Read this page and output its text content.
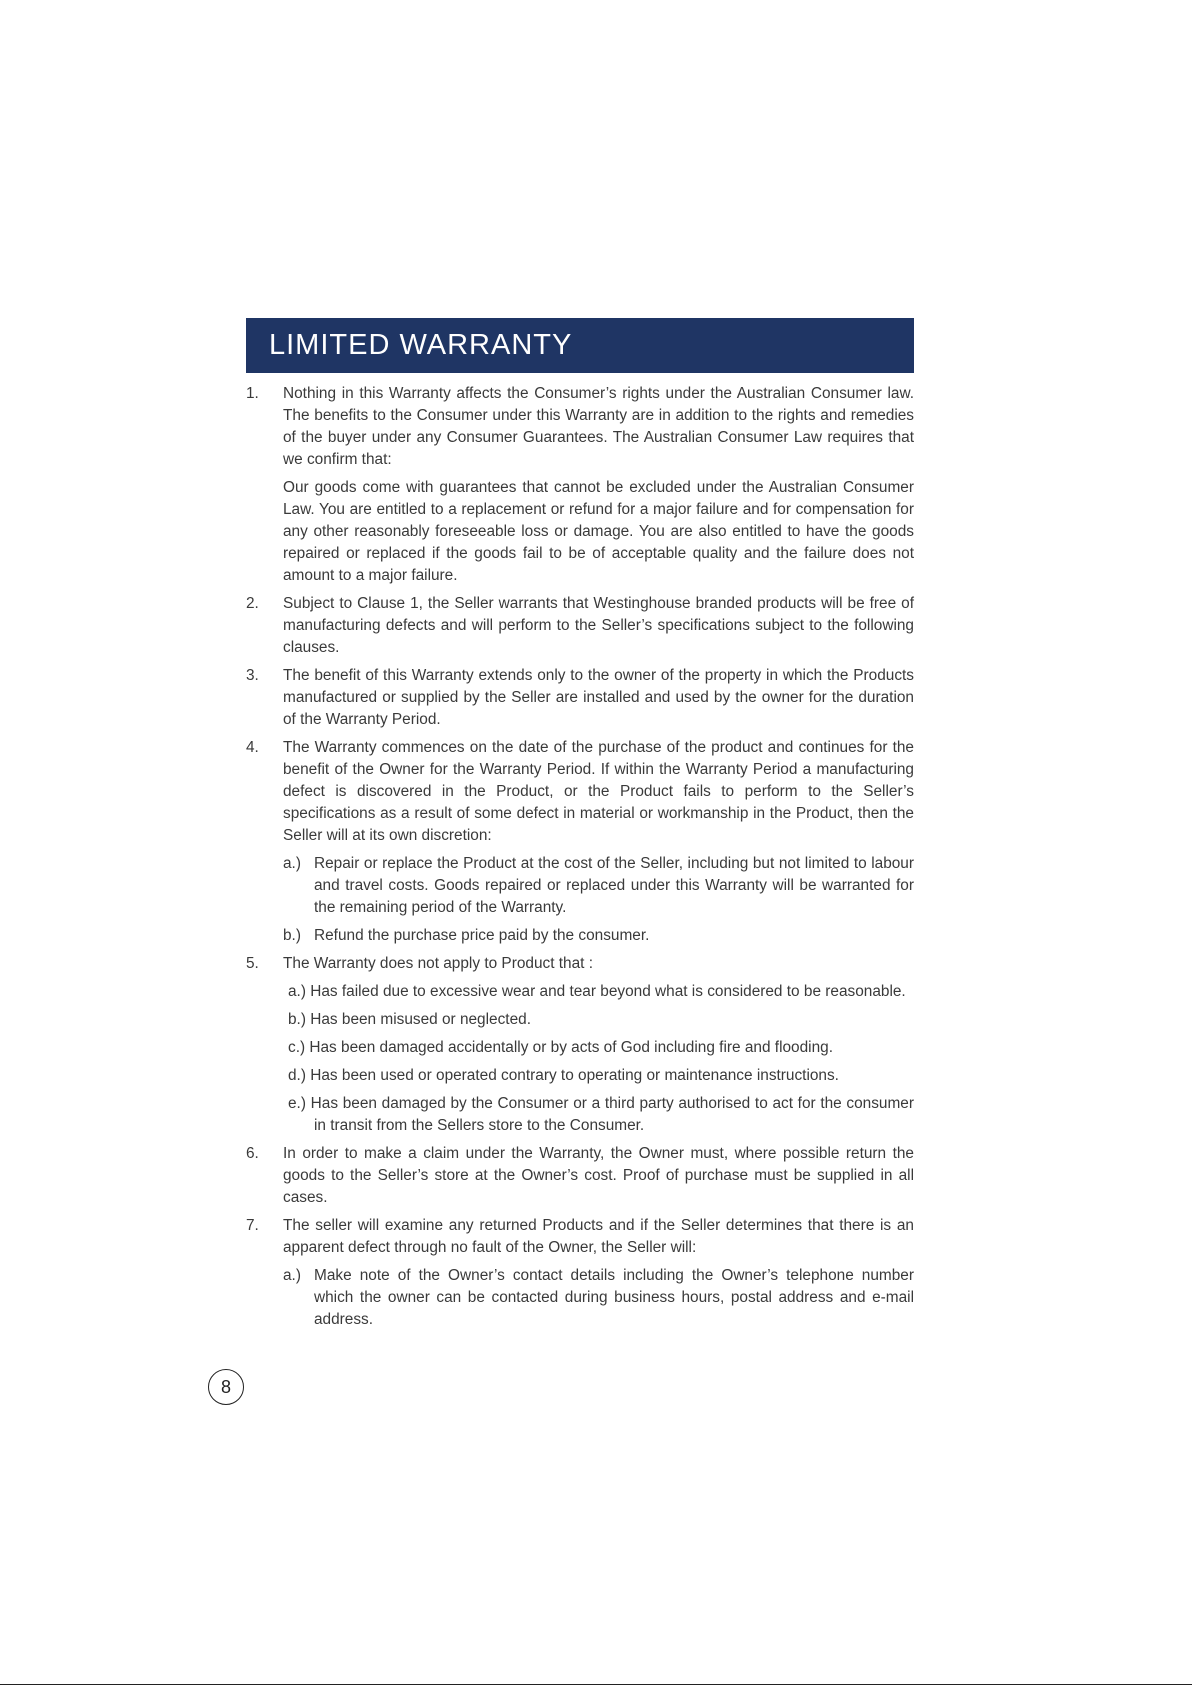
LIMITED WARRANTY
1.	Nothing in this Warranty affects the Consumer’s rights under the Australian Consumer law. The benefits to the Consumer under this Warranty are in addition to the rights and remedies of the buyer under any Consumer Guarantees. The Australian Consumer Law requires that we confirm that:

Our goods come with guarantees that cannot be excluded under the Australian Consumer Law. You are entitled to a replacement or refund for a major failure and for compensation for any other reasonably foreseeable loss or damage. You are also entitled to have the goods repaired or replaced if the goods fail to be of acceptable quality and the failure does not amount to a major failure.

2.	Subject to Clause 1, the Seller warrants that Westinghouse branded products will be free of manufacturing defects and will perform to the Seller’s specifications subject to the following clauses.
3.	The benefit of this Warranty extends only to the owner of the property in which the Products manufactured or supplied by the Seller are installed and used by the owner for the duration of the Warranty Period.
4.	The Warranty commences on the date of the purchase of the product and continues for the benefit of the Owner for the Warranty Period. If within the Warranty Period a manufacturing defect is discovered in the Product, or the Product fails to perform to the Seller’s specifications as a result of some defect in material or workmanship in the Product, then the Seller will at its own discretion:

a.) Repair or replace the Product at the cost of the Seller, including but not limited to labour and travel costs. Goods repaired or replaced under this Warranty will be warranted for the remaining period of the Warranty.
b.) Refund the purchase price paid by the consumer.
5.	The Warranty does not apply to Product that :

a.) Has failed due to excessive wear and tear beyond what is considered to be reasonable.

b.) Has been misused or neglected.

c.) Has been damaged accidentally or by acts of God including fire and flooding.

d.) Has been used or operated contrary to operating or maintenance instructions.

e.) Has been damaged by the Consumer or a third party authorised to act for the consumer in transit from the Sellers store to the Consumer.

6.	In order to make a claim under the Warranty, the Owner must, where possible return the goods to the Seller’s store at the Owner’s cost. Proof of purchase must be supplied in all cases.
7.	The seller will examine any returned Products and if the Seller determines that there is an apparent defect through no fault of the Owner, the Seller will:

a.) Make note of the Owner’s contact details including the Owner’s telephone number which the owner can be contacted during business hours, postal address and e-mail address.
8
